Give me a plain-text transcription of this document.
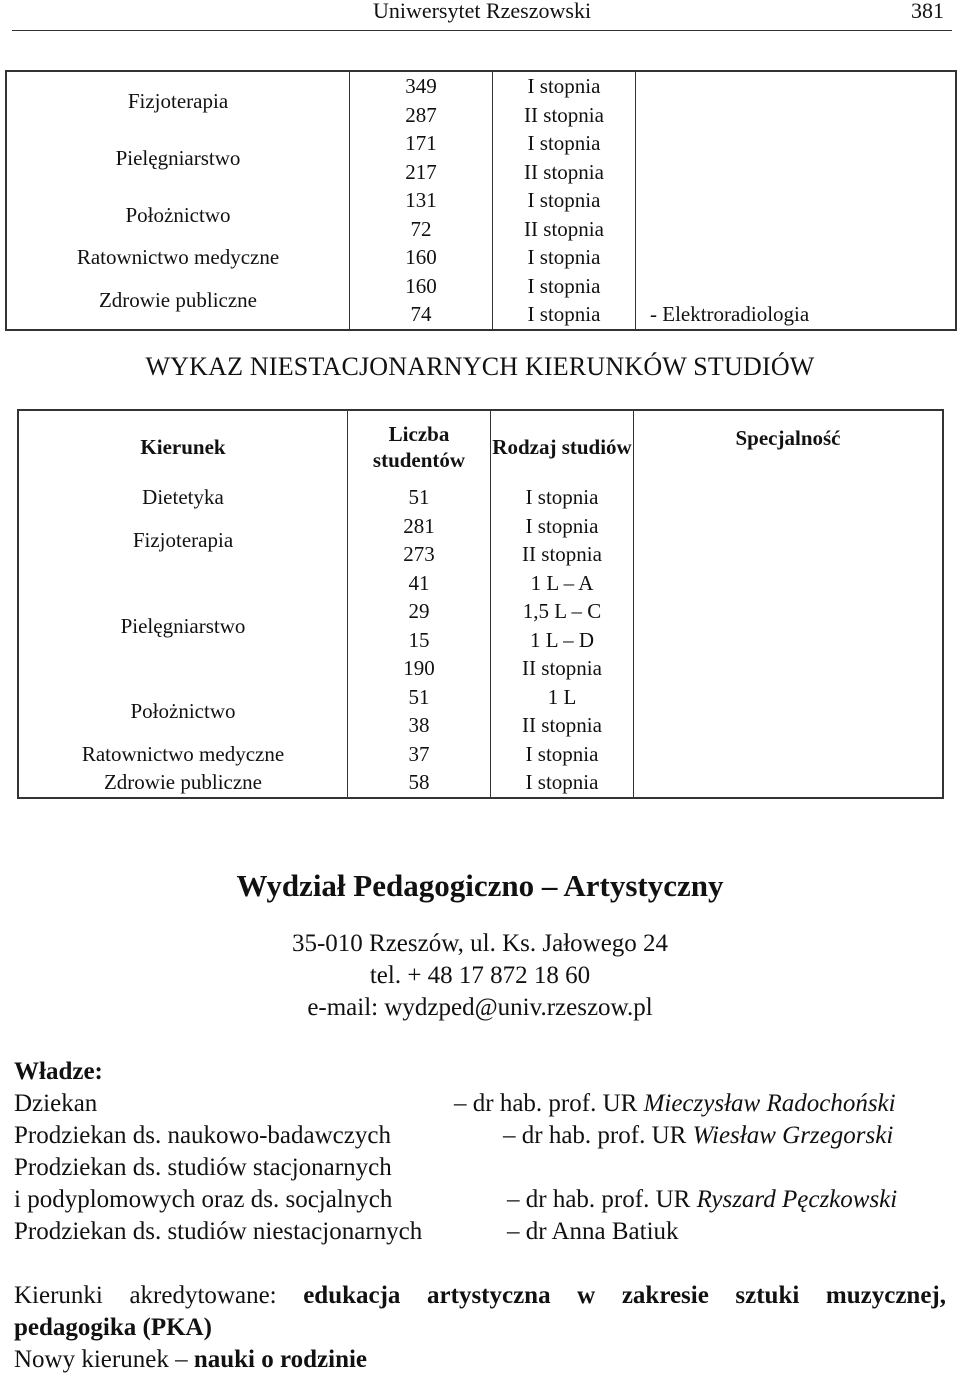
Uniwersytet Rzeszowski	381
Fizjoterapia	349	I stopnia	
	287	II stopnia	
Pielęgniarstwo	171	I stopnia	
	217	II stopnia	
Położnictwo	131	I stopnia	
	72	II stopnia	
Ratownictwo medyczne	160	I stopnia	
Zdrowie publiczne	160	I stopnia	
	74	I stopnia	- Elektroradiologia
WYKAZ NIESTACJONARNYCH KIERUNKÓW STUDIÓW
Kierunek	Liczba studentów	Rodzaj studiów	Specjalność
Dietetyka	51	I stopnia	
Fizjoterapia	281	I stopnia	
	273	II stopnia	
Pielęgniarstwo	41	1 L – A	
	29	1,5 L – C	
	15	1 L – D	
	190	II stopnia	
Położnictwo	51	1 L	
	38	II stopnia	
Ratownictwo medyczne	37	I stopnia	
Zdrowie publiczne	58	I stopnia	
Wydział Pedagogiczno – Artystyczny
35-010 Rzeszów, ul. Ks. Jałowego 24
tel. + 48 17 872 18 60
e-mail: wydzped@univ.rzeszow.pl
Władze:
Dziekan	– dr hab. prof. UR Mieczysław Radochoński
Prodziekan ds. naukowo-badawczych	– dr hab. prof. UR Wiesław Grzegorski
Prodziekan ds. studiów stacjonarnych
i podyplomowych oraz ds. socjalnych	– dr hab. prof. UR Ryszard Pęczkowski
Prodziekan ds. studiów niestacjonarnych	– dr Anna Batiuk
Kierunki akredytowane: edukacja artystyczna w zakresie sztuki muzycznej,
pedagogika (PKA)
Nowy kierunek – nauki o rodzinie
